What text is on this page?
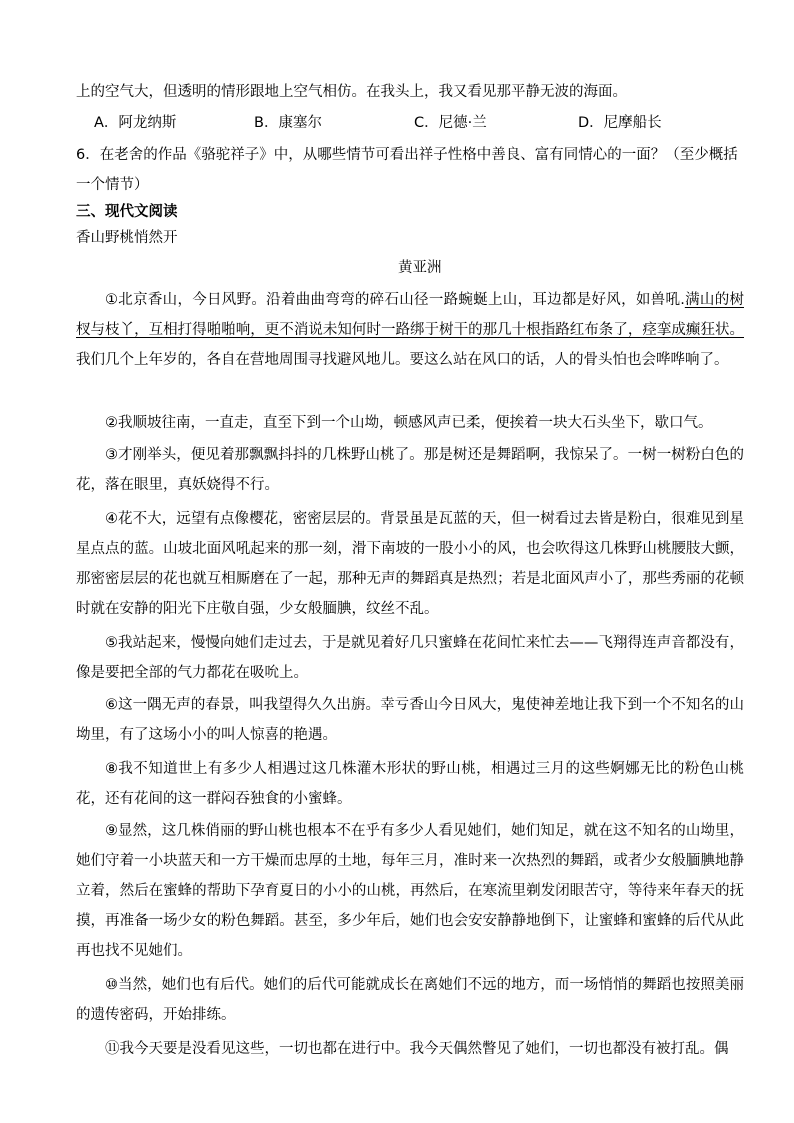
上的空气大，但透明的情形跟地上空气相仿。在我头上，我又看见那平静无波的海面。
A．阿龙纳斯	B．康塞尔	C．尼德·兰	D．尼摩船长
6．在老舍的作品《骆驼祥子》中，从哪些情节可看出祥子性格中善良、富有同情心的一面？（至少概括
一个情节）
三、现代文阅读
香山野桃悄然开
黄亚洲
①北京香山，今日风野。沿着曲曲弯弯的碎石山径一路蜿蜒上山，耳边都是好风，如兽吼.满山的树杈与枝丫，互相打得啪啪响，更不消说未知何时一路绑于树干的那几十根指路红布条了，痉挛成癫狂状。我们几个上年岁的，各自在营地周围寻找避风地儿。要这么站在风口的话，人的骨头怕也会哗哗响了。
②我顺坡往南，一直走，直至下到一个山坳，顿感风声已柔，便挨着一块大石头坐下，歇口气。
③才刚举头，便见着那飘飘抖抖的几株野山桃了。那是树还是舞蹈啊，我惊呆了。一树一树粉白色的花，落在眼里，真妖娆得不行。
④花不大，远望有点像樱花，密密层层的。背景虽是瓦蓝的天，但一树看过去皆是粉白，很难见到星星点点的蓝。山坡北面风吼起来的那一刻，滑下南坡的一股小小的风，也会吹得这几株野山桃腰肢大颤，那密密层层的花也就互相厮磨在了一起，那种无声的舞蹈真是热烈；若是北面风声小了，那些秀丽的花顿时就在安静的阳光下庄敬自强，少女般腼腆，纹丝不乱。
⑤我站起来，慢慢向她们走过去，于是就见着好几只蜜蜂在花间忙来忙去——飞翔得连声音都没有，像是要把全部的气力都花在吸吮上。
⑥这一隅无声的春景，叫我望得久久出旃。幸亏香山今日风大，鬼使神差地让我下到一个不知名的山坳里，有了这场小小的叫人惊喜的艳遇。
⑧我不知道世上有多少人相遇过这几株灌木形状的野山桃，相遇过三月的这些婀娜无比的粉色山桃花，还有花间的这一群闷吞独食的小蜜蜂。
⑨显然，这几株俏丽的野山桃也根本不在乎有多少人看见她们，她们知足，就在这不知名的山坳里，她们守着一小块蓝天和一方干燥而忠厚的土地，每年三月，准时来一次热烈的舞蹈，或者少女般腼腆地静立着，然后在蜜蜂的帮助下孕育夏日的小小的山桃，再然后，在寒流里剃发闭眼苦守，等待来年春天的抚摸，再准备一场少女的粉色舞蹈。甚至，多少年后，她们也会安安静静地倒下，让蜜蜂和蜜蜂的后代从此再也找不见她们。
⑩当然，她们也有后代。她们的后代可能就成长在离她们不远的地方，而一场悄悄的舞蹈也按照美丽的遗传密码，开始排练。
⑪我今天要是没看见这些，一切也都在进行中。我今天偶然瞥见了她们，一切也都没有被打乱。偶
